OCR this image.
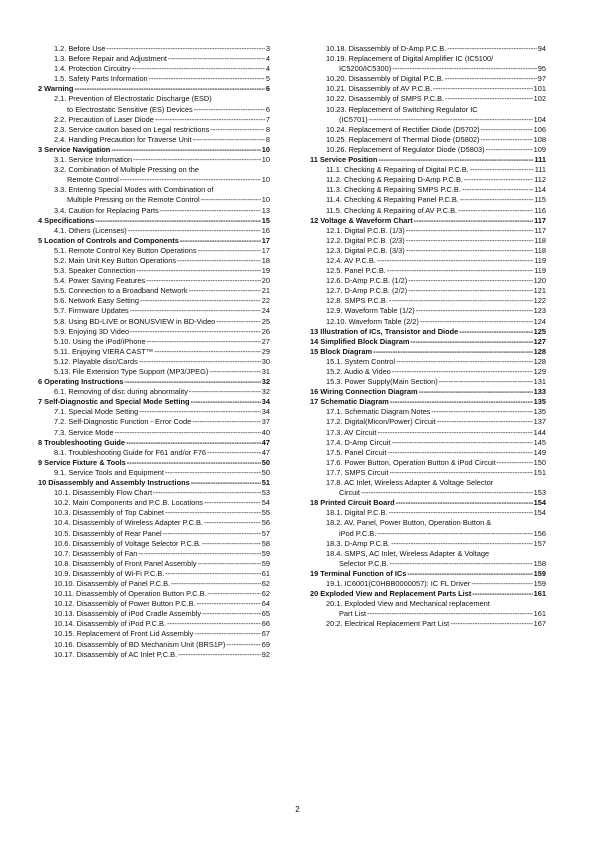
1.2. Before Use -----	3
1.3. Before Repair and Adjustment -----	4
1.4. Protection Circuitry -----	4
1.5. Safety Parts Information -----	5
2 Warning -----	6
2.1. Prevention of Electrostatic Discharge (ESD)
to Electrostatic Sensitive (ES) Devices -----	6
2.2. Precaution of Laser Diode -----	7
2.3. Service caution based on Legal restrictions -----	8
2.4. Handling Precaution for Traverse Unit -----	8
3 Service Navigation -----	10
3.1. Service Information -----	10
3.2. Combination of Multiple Pressing on the
Remote Control -----	10
3.3. Entering Special Modes with Combination of
Multiple Pressing on the Remote Control -----	10
3.4. Caution for Replacing Parts -----	13
4 Specifications -----	15
4.1. Others (Licenses) -----	16
5 Location of Controls and Components -----	17
5.1. Remote Control Key Button Operations -----	17
5.2. Main Unit Key Button Operations -----	18
5.3. Speaker Connection -----	19
5.4. Power Saving Features -----	20
5.5. Connection to a Broadband Network -----	21
5.6. Network Easy Setting -----	22
5.7. Firmware Updates -----	24
5.8. Using BD-LIVE or BONUSVIEW in BD-Video -----	25
5.9. Enjoying 3D Video -----	26
5.10. Using the iPod/iPhone -----	27
5.11. Enjoying VIERA CAST™ -----	29
5.12. Playable disc/Cards -----	30
5.13. File Extension Type Support (MP3/JPEG) -----	31
6 Operating Instructions -----	32
6.1. Removing of disc during abnormality -----	32
7 Self-Diagnostic and Special Mode Setting -----	34
7.1. Special Mode Setting -----	34
7.2. Self-Diagnostic Function - Error Code -----	37
7.3. Service Mode -----	40
8 Troubleshooting Guide -----	47
8.1. Troubleshooting Guide for F61 and/or F76 -----	47
9 Service Fixture & Tools -----	50
9.1. Service Tools and Equipment -----	50
10 Disassembly and Assembly Instructions -----	51
10.1. Disassembly Flow Chart -----	53
10.2. Main Components and P.C.B. Locations -----	54
10.3. Disassembly of Top Cabinet -----	55
10.4. Disassembly of Wireless Adapter P.C.B. -----	56
10.5. Disassembly of Rear Panel -----	57
10.6. Disassembly of Voltage Selector P.C.B. -----	58
10.7. Disassembly of Fan -----	59
10.8. Disassembly of Front Panel Assembly -----	59
10.9. Disassembly of Wi-Fi P.C.B. -----	61
10.10. Disassembly of Panel P.C.B. -----	62
10.11. Disassembly of Operation Button P.C.B. -----	62
10.12. Disassembly of Power Button P.C.B. -----	64
10.13. Disassembly of iPod Cradle Assembly -----	65
10.14. Disassembly of iPod P.C.B. -----	66
10.15. Replacement of Front Lid Assembly -----	67
10.16. Disassembly of BD Mechanism Unit (BRS1P) -----	69
10.17. Disassembly of AC Inlet P.C.B. -----	92
10.18. Disassembly of D-Amp P.C.B. -----	94
10.19. Replacement of Digital Amplifier IC (IC5100/
IC5200/IC5300) -----	95
10.20. Disassembly of Digital P.C.B. -----	97
10.21. Disassembly of AV P.C.B. -----	101
10.22. Disassembly of SMPS P.C.B. -----	102
10.23. Replacement of Switching Regulator IC
(IC5701) -----	104
10.24. Replacement of Rectifier Diode (D5702) -----	106
10.25. Replacement of Thermal Diode (D5802) -----	108
10.26. Replacement of Regulator Diode (D5803) -----	109
11 Service Position -----	111
11.1. Checking & Repairing of Digital P.C.B. -----	111
11.2. Checking & Repairing D-Amp P.C.B. -----	112
11.3. Checking & Repairing SMPS P.C.B. -----	114
11.4. Checking & Repairing Panel P.C.B. -----	115
11.5. Checking & Repairing of AV P.C.B. -----	116
12 Voltage & Waveform Chart -----	117
12.1. Digital P.C.B. (1/3) -----	117
12.2. Digital P.C.B. (2/3) -----	118
12.3. Digital P.C.B. (3/3) -----	118
12.4. AV P.C.B. -----	119
12.5. Panel P.C.B. -----	119
12.6. D-Amp P.C.B. (1/2) -----	120
12.7. D-Amp P.C.B. (2/2) -----	121
12.8. SMPS P.C.B. -----	122
12.9. Waveform Table (1/2) -----	123
12.10. Waveform Table (2/2) -----	124
13 Illustration of ICs, Transistor and Diode -----	125
14 Simplified Block Diagram -----	127
15 Block Diagram -----	128
15.1. System Control -----	128
15.2. Audio & Video -----	129
15.3. Power Supply(Main Section) -----	131
16 Wiring Connection Diagram -----	133
17 Schematic Diagram -----	135
17.1. Schematic Diagram Notes -----	135
17.2. Digital(Micon/Power) Circuit -----	137
17.3. AV Circuit -----	144
17.4. D-Amp Circuit -----	145
17.5. Panel Circuit -----	149
17.6. Power Button, Operation Button & iPod Circuit -----	150
17.7. SMPS Circuit -----	151
17.8. AC Inlet, Wireless Adapter & Voltage Selector
Circuit -----	153
18 Printed Circuit Board -----	154
18.1. Digital P.C.B. -----	154
18.2. AV, Panel, Power Button, Operation Button &
iPod P.C.B. -----	156
18.3. D-Amp P.C.B. -----	157
18.4. SMPS, AC Inlet, Wireless Adapter & Voltage
Selector P.C.B. -----	158
19 Terminal Function of ICs -----	159
19.1. IC6001(C0HBB0000057): IC FL Driver -----	159
20 Exploded View and Replacement Parts List -----	161
20.1. Exploded View and Mechanical replacement
Part List -----	161
20.2. Electrical Replacement Part List -----	167
2
